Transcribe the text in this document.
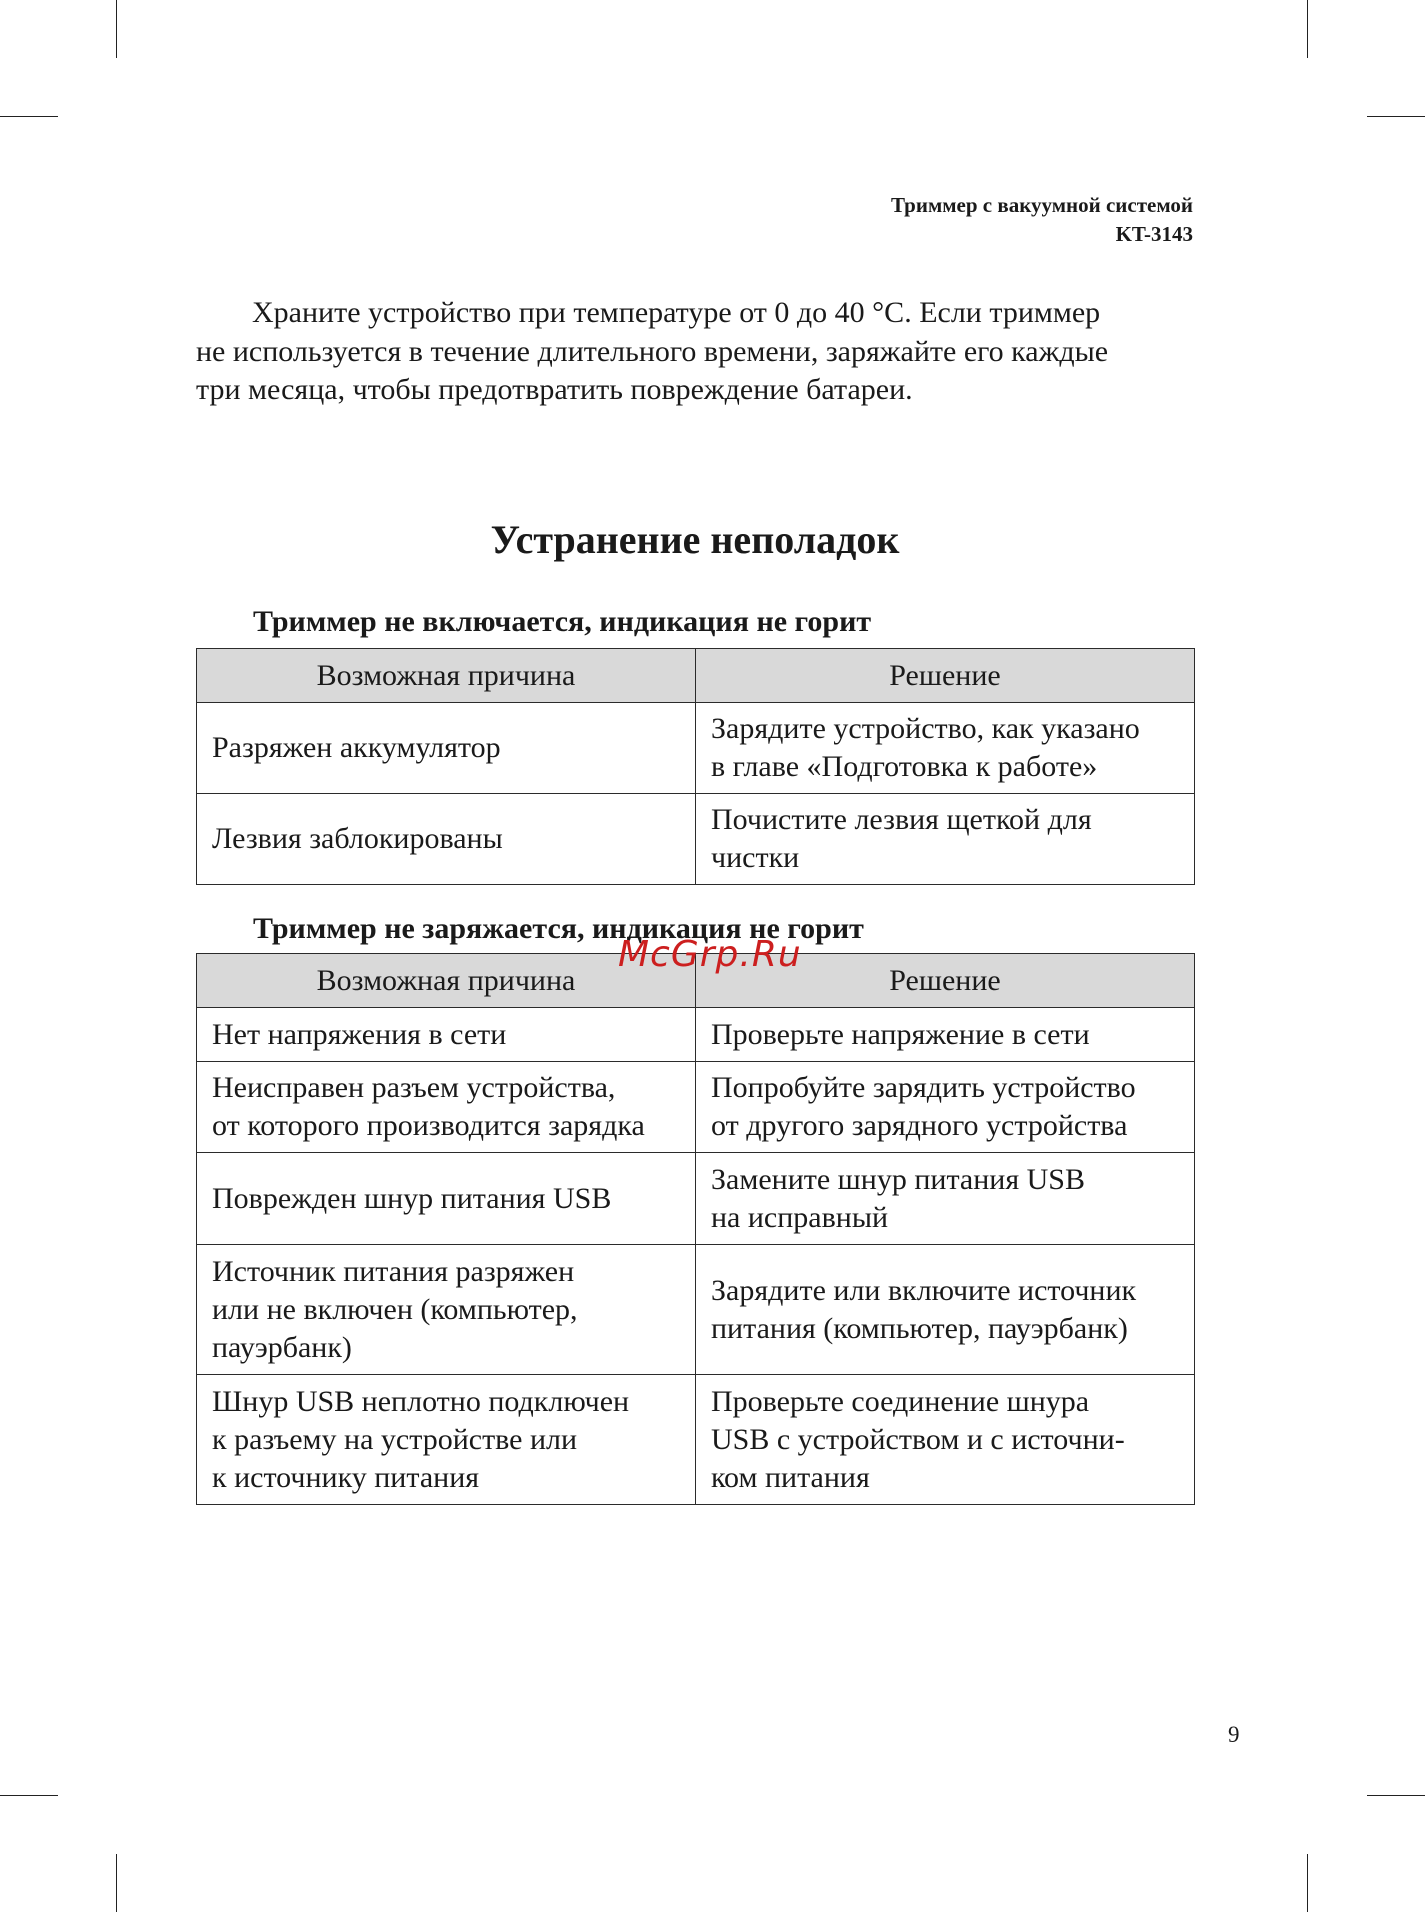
Триммер с вакуумной системой
KT-3143

Храните устройство при температуре от 0 до 40 °C. Если триммер

не используется в течение длительного времени, заряжайте его каждые

три месяца, чтобы предотвратить повреждение батареи.

Устранение неполадок
Триммер не включается, индикация не горит
Возможная причина	Решение

Разряжен аккумулятор	Зарядите устройство, как указано
в главе «Подготовка к работе»

Лезвия заблокированы	Почистите лезвия щеткой для
чистки
Триммер не заряжается, индикация не горит
Возможная причина	Решение

Нет напряжения в сети	Проверьте напряжение в сети

Неисправен разъем устройства,
от которого производится зарядка	Попробуйте зарядить устройство
от другого зарядного устройства

Поврежден шнур питания USB	Замените шнур питания USB
на исправный

Источник питания разряжен
или не включен (компьютер,
пауэрбанк)	Зарядите или включите источник
питания (компьютер, пауэрбанк)

Шнур USB неплотно подключен
к разъему на устройстве или
к источнику питания	Проверьте соединение шнура
USB с устройством и с источни-
ком питания
McGrp.Ru
9
